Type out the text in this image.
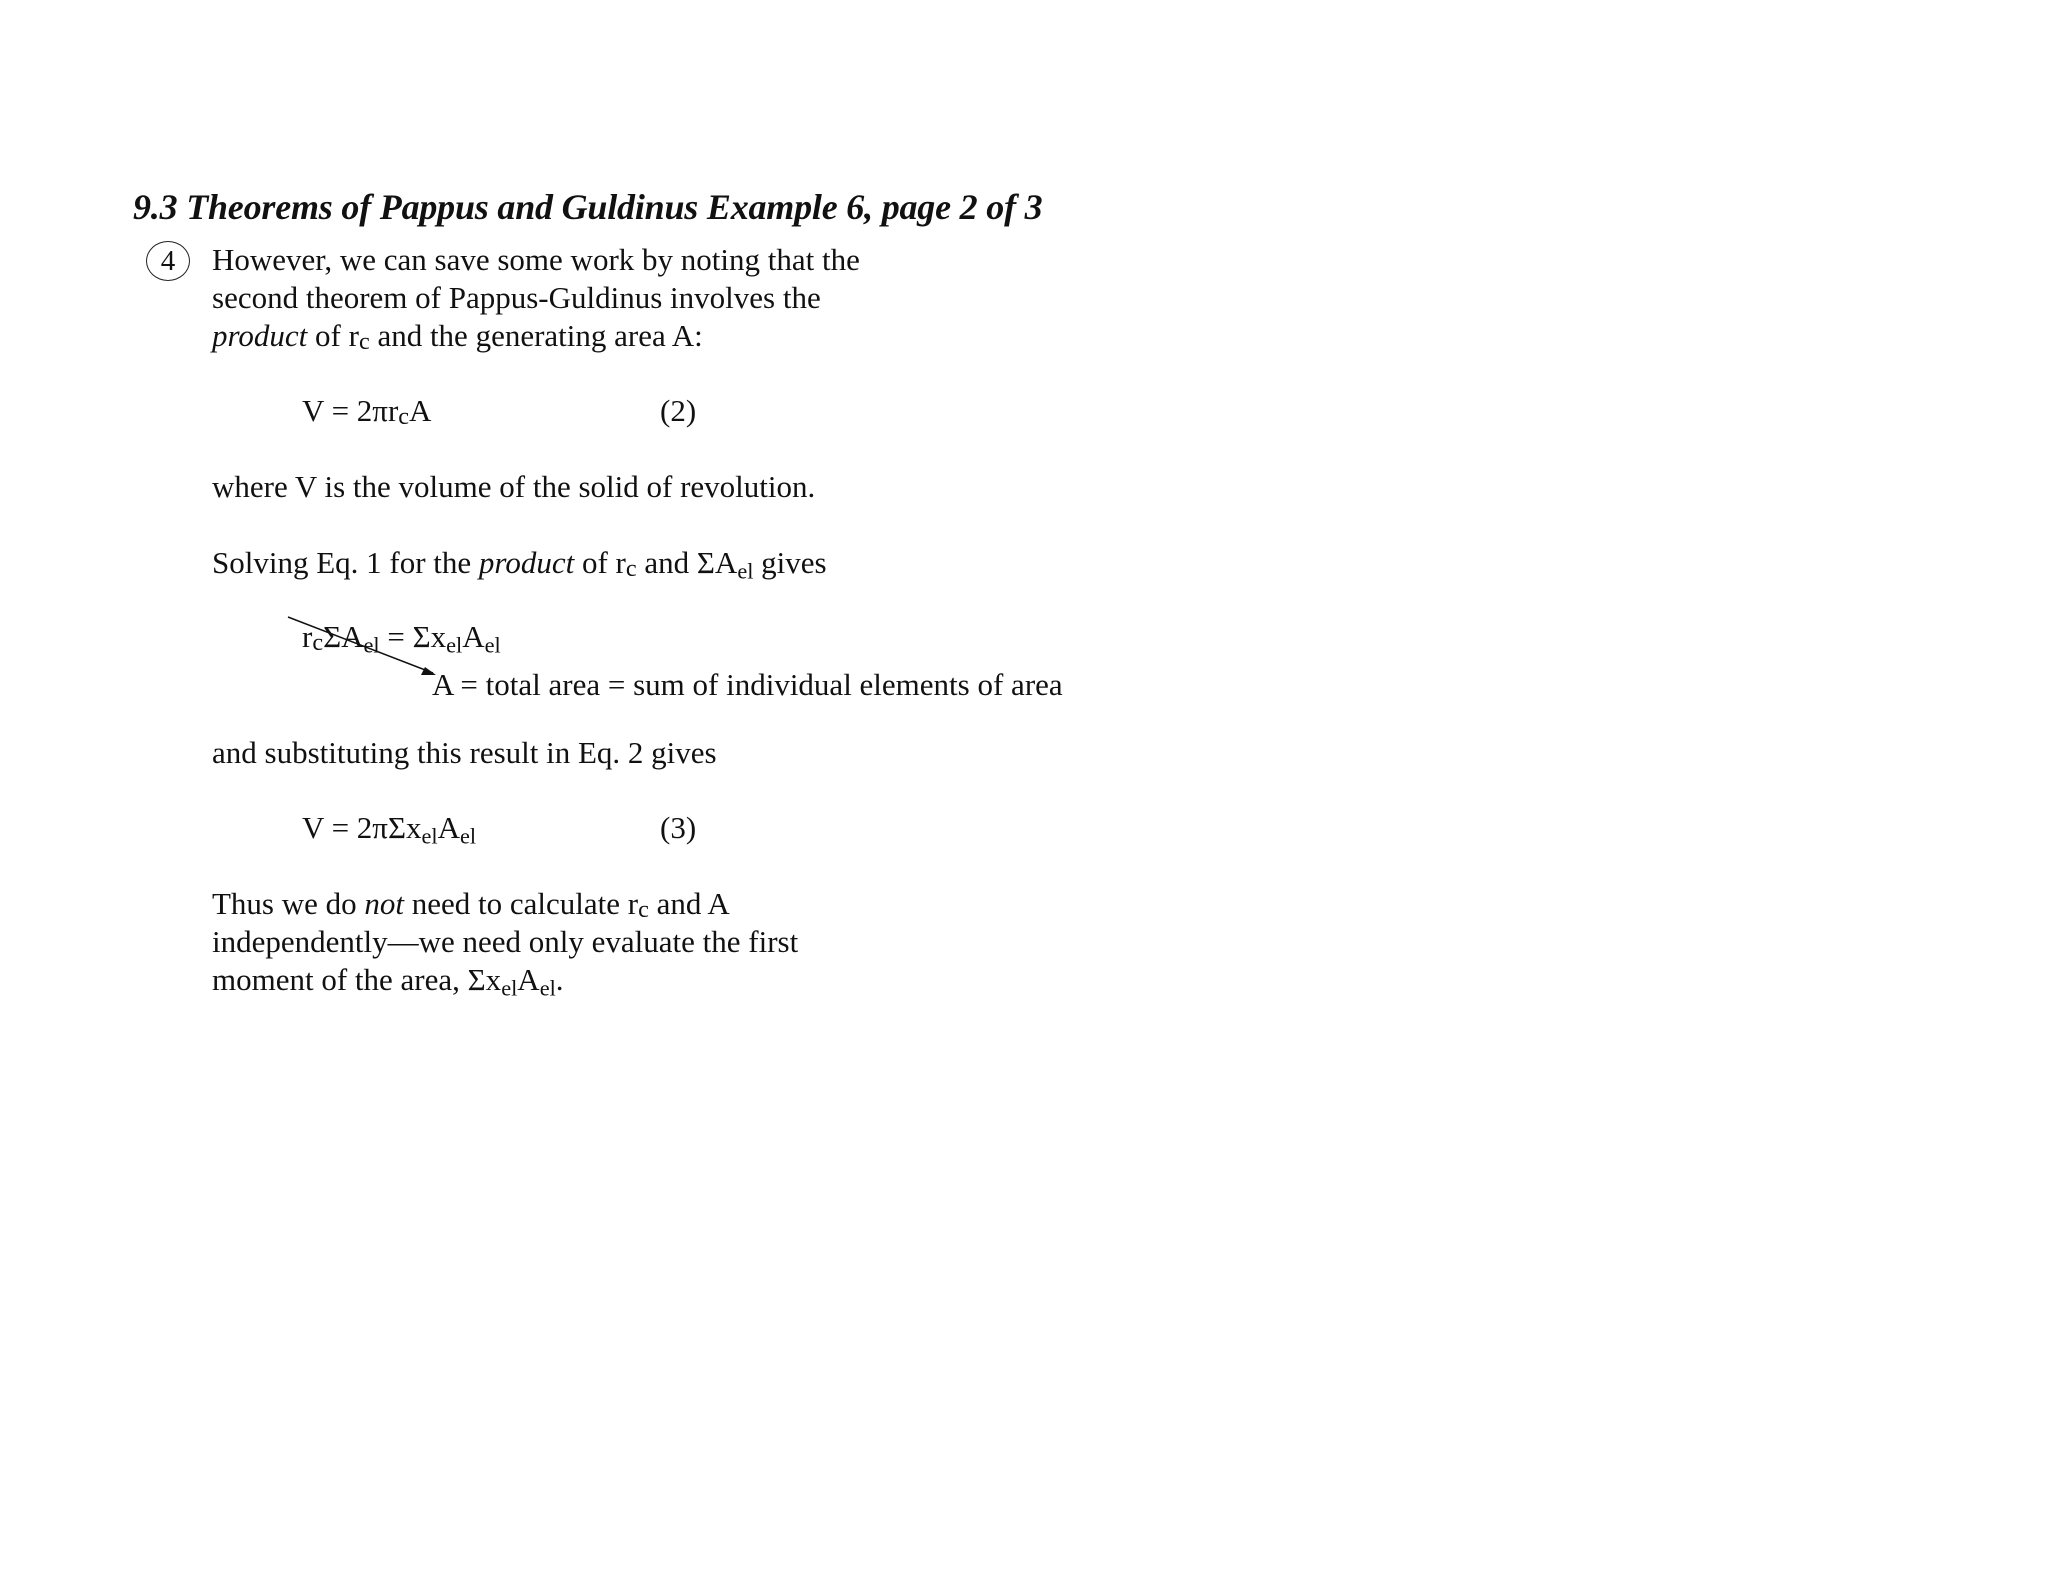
9.3 Theorems of Pappus and Guldinus Example 6, page 2 of 3
4	However, we can save some work by noting that the
second theorem of Pappus-Guldinus involves the
product of rc and the generating area A:
V = 2πrcA	(2)
where V is the volume of the solid of revolution.
Solving Eq. 1 for the product of rc and $\Sigma A_{el}$ gives
$rc\Sigma A_{el} = \Sigma x_{el}A_{el}$
A = total area = sum of individual elements of area
and substituting this result in Eq. 2 gives
$V = 2\pi\Sigma x_{el}A_{el}$	(3)
Thus we do not need to calculate rc and A
independently—we need only evaluate the first
moment of the area, $\Sigma x_{el}A_{el}$.
